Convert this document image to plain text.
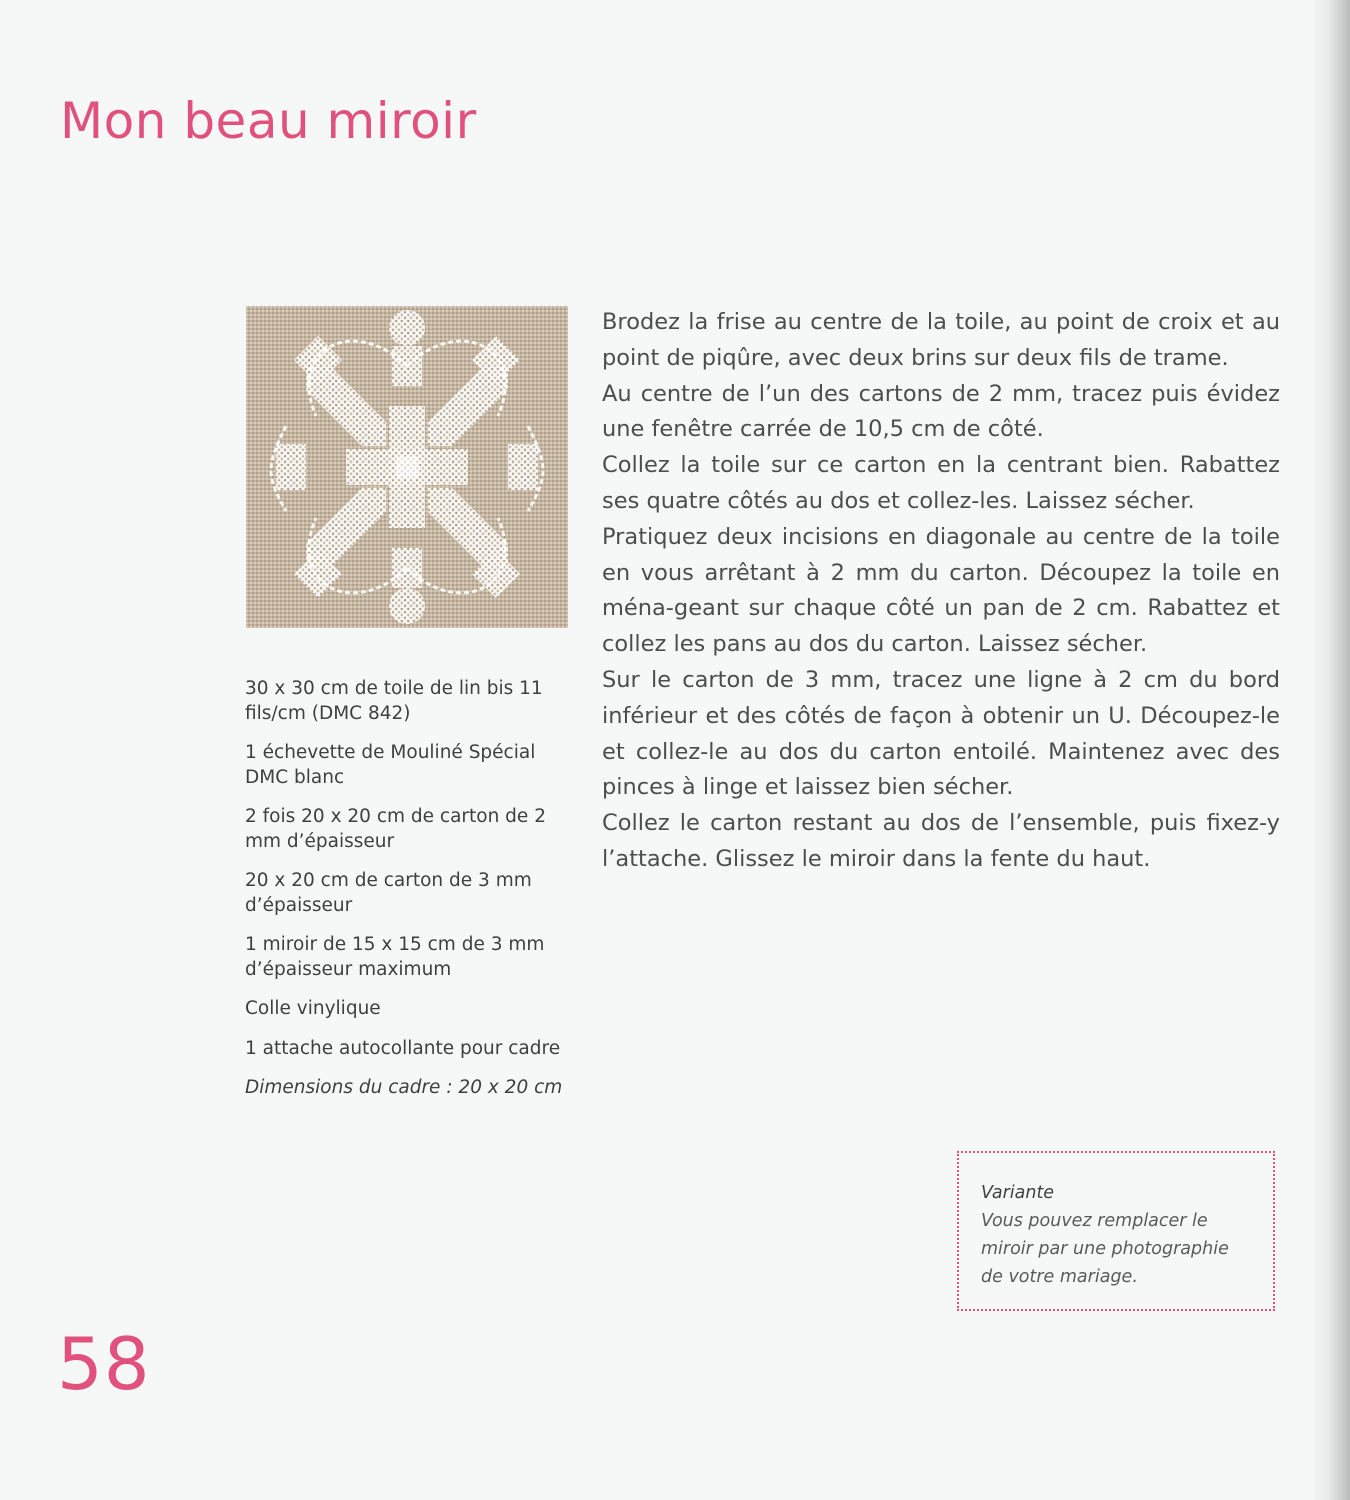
Mon beau miroir
30 x 30 cm de toile de lin bis 11 fils/cm (DMC 842)
1 échevette de Mouliné Spécial DMC blanc
2 fois 20 x 20 cm de carton de 2 mm d’épaisseur
20 x 20 cm de carton de 3 mm d’épaisseur
1 miroir de 15 x 15 cm de 3 mm d’épaisseur maximum
Colle vinylique
1 attache autocollante pour cadre
Dimensions du cadre : 20 x 20 cm

Brodez la frise au centre de la toile, au point de croix et au point de piqûre, avec deux brins sur deux fils de trame.

Au centre de l’un des cartons de 2 mm, tracez puis évidez une fenêtre carrée de 10,5 cm de côté.

Collez la toile sur ce carton en la centrant bien. Rabattez ses quatre côtés au dos et collez-les. Laissez sécher.

Pratiquez deux incisions en diagonale au centre de la toile en vous arrêtant à 2 mm du carton. Découpez la toile en ména-geant sur chaque côté un pan de 2 cm. Rabattez et collez les pans au dos du carton. Laissez sécher.

Sur le carton de 3 mm, tracez une ligne à 2 cm du bord inférieur et des côtés de façon à obtenir un U. Découpez-le et collez-le au dos du carton entoilé. Maintenez avec des pinces à linge et laissez bien sécher.

Collez le carton restant au dos de l’ensemble, puis fixez-y l’attache. Glissez le miroir dans la fente du haut.

Variante
Vous pouvez remplacer le miroir par une photographie de votre mariage.
58
